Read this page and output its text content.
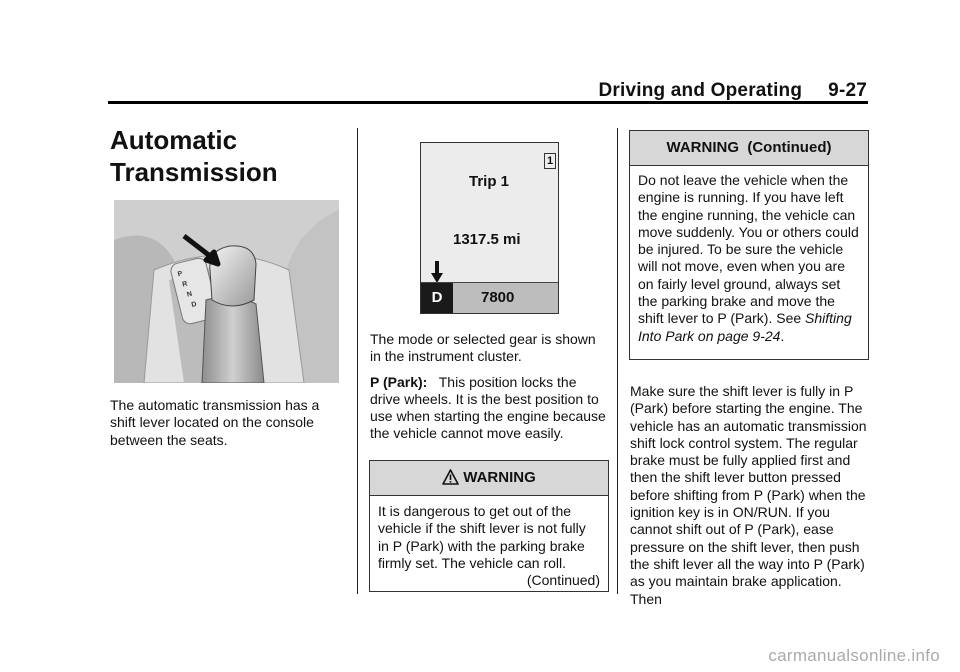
Driving and Operating 9-27
Automatic
Transmission
P
R
N
D
The automatic transmission has a shift lever located on the console between the seats.
1
Trip 1
1317.5 mi
D	7800

The mode or selected gear is shown in the instrument cluster.

P (Park): This position locks the drive wheels. It is the best position to use when starting the engine because the vehicle cannot move easily.

WARNING
It is dangerous to get out of the vehicle if the shift lever is not fully in P (Park) with the parking brake firmly set. The vehicle can roll.
(Continued)
WARNING  (Continued)
Do not leave the vehicle when the engine is running. If you have left the engine running, the vehicle can move suddenly. You or others could be injured. To be sure the vehicle will not move, even when you are on fairly level ground, always set the parking brake and move the shift lever to P (Park). See Shifting Into Park on page 9-24.
Make sure the shift lever is fully in P (Park) before starting the engine. The vehicle has an automatic transmission shift lock control system. The regular brake must be fully applied first and then the shift lever button pressed before shifting from P (Park) when the ignition key is in ON/RUN. If you cannot shift out of P (Park), ease pressure on the shift lever, then push the shift lever all the way into P (Park) as you maintain brake application. Then
carmanualsonline.info
